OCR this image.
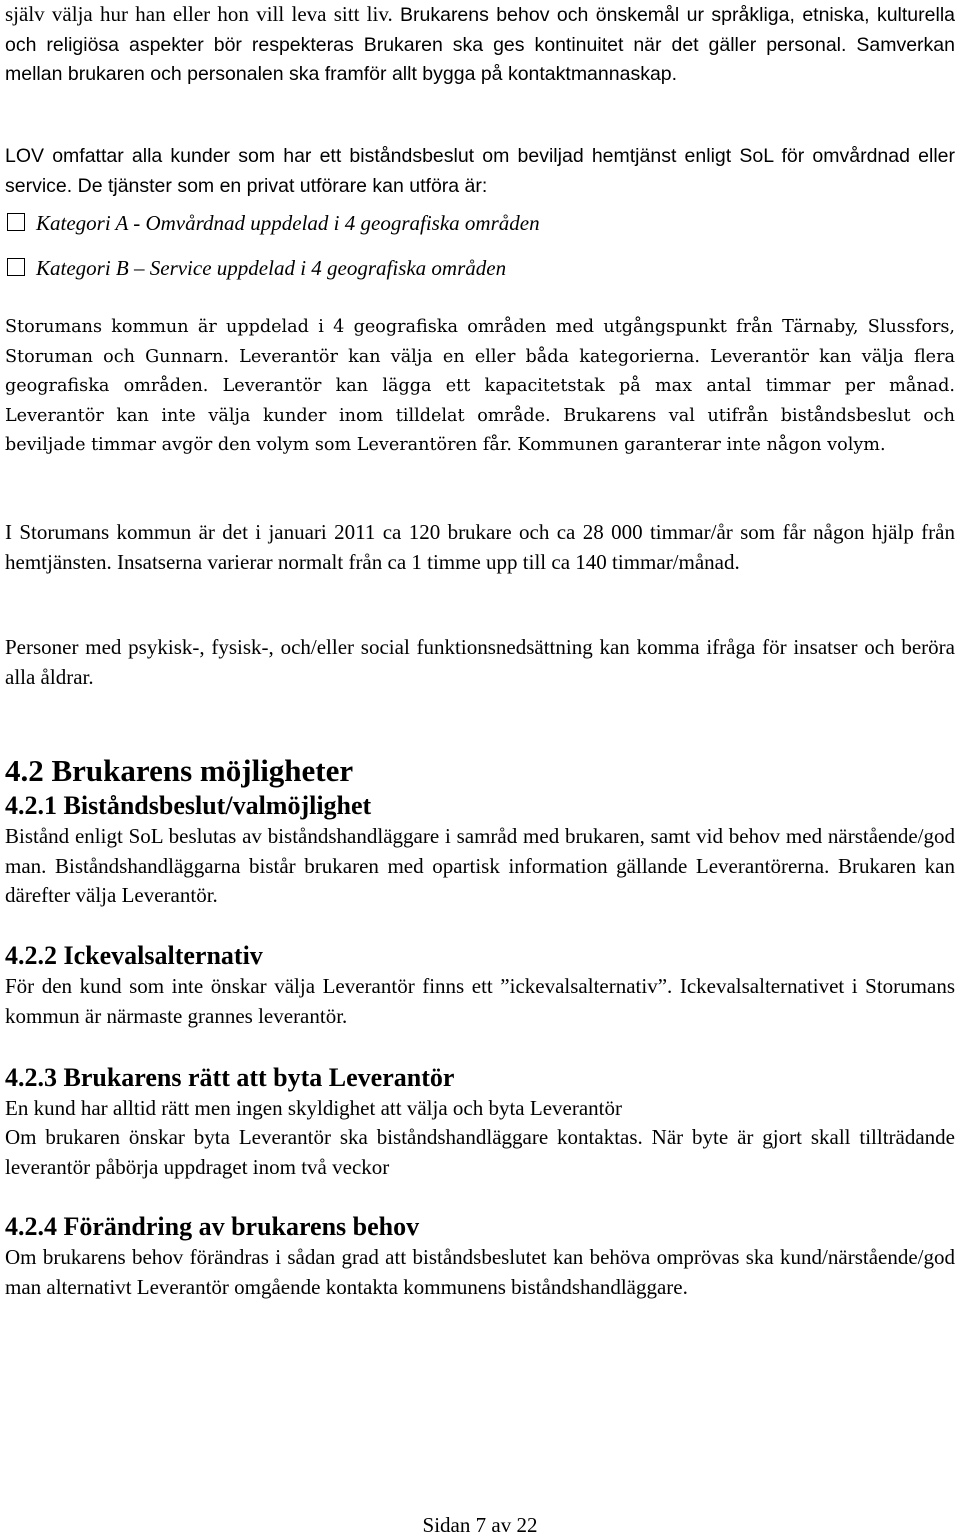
själv välja hur han eller hon vill leva sitt liv. Brukarens behov och önskemål ur språkliga, etniska, kulturella och religiösa aspekter bör respekteras Brukaren ska ges kontinuitet när det gäller personal. Samverkan mellan brukaren och personalen ska framför allt bygga på kontaktmannaskap.

LOV omfattar alla kunder som har ett biståndsbeslut om beviljad hemtjänst enligt SoL för omvårdnad eller service. De tjänster som en privat utförare kan utföra är:

Kategori A - Omvårdnad uppdelad i 4 geografiska områden
Kategori B – Service uppdelad i 4 geografiska områden

Storumans kommun är uppdelad i 4 geografiska områden med utgångspunkt från Tärnaby, Slussfors, Storuman och Gunnarn. Leverantör kan välja en eller båda kategorierna. Leverantör kan välja flera geografiska områden. Leverantör kan lägga ett kapacitetstak på max antal timmar per månad. Leverantör kan inte välja kunder inom tilldelat område. Brukarens val utifrån biståndsbeslut och beviljade timmar avgör den volym som Leverantören får. Kommunen garanterar inte någon volym.

I Storumans kommun är det i januari 2011 ca 120 brukare och ca 28 000 timmar/år som får någon hjälp från hemtjänsten. Insatserna varierar normalt från ca 1 timme upp till ca 140 timmar/månad.

Personer med psykisk-, fysisk-, och/eller social funktionsnedsättning kan komma ifråga för insatser och beröra alla åldrar.

4.2 Brukarens möjligheter
4.2.1 Biståndsbeslut/valmöjlighet

Bistånd enligt SoL beslutas av biståndshandläggare i samråd med brukaren, samt vid behov med närstående/god man. Biståndshandläggarna bistår brukaren med opartisk information gällande Leverantörerna. Brukaren kan därefter välja Leverantör.

4.2.2 Ickevalsalternativ

För den kund som inte önskar välja Leverantör finns ett ”ickevalsalternativ”. Ickevalsalternativet i Storumans kommun är närmaste grannes leverantör.

4.2.3 Brukarens rätt att byta Leverantör

En kund har alltid rätt men ingen skyldighet att välja och byta Leverantör

Om brukaren önskar byta Leverantör ska biståndshandläggare kontaktas. När byte är gjort skall tillträdande leverantör påbörja uppdraget inom två veckor

4.2.4 Förändring av brukarens behov

Om brukarens behov förändras i sådan grad att biståndsbeslutet kan behöva omprövas ska kund/närstående/god man alternativt Leverantör omgående kontakta kommunens biståndshandläggare.

Sidan 7 av 22
